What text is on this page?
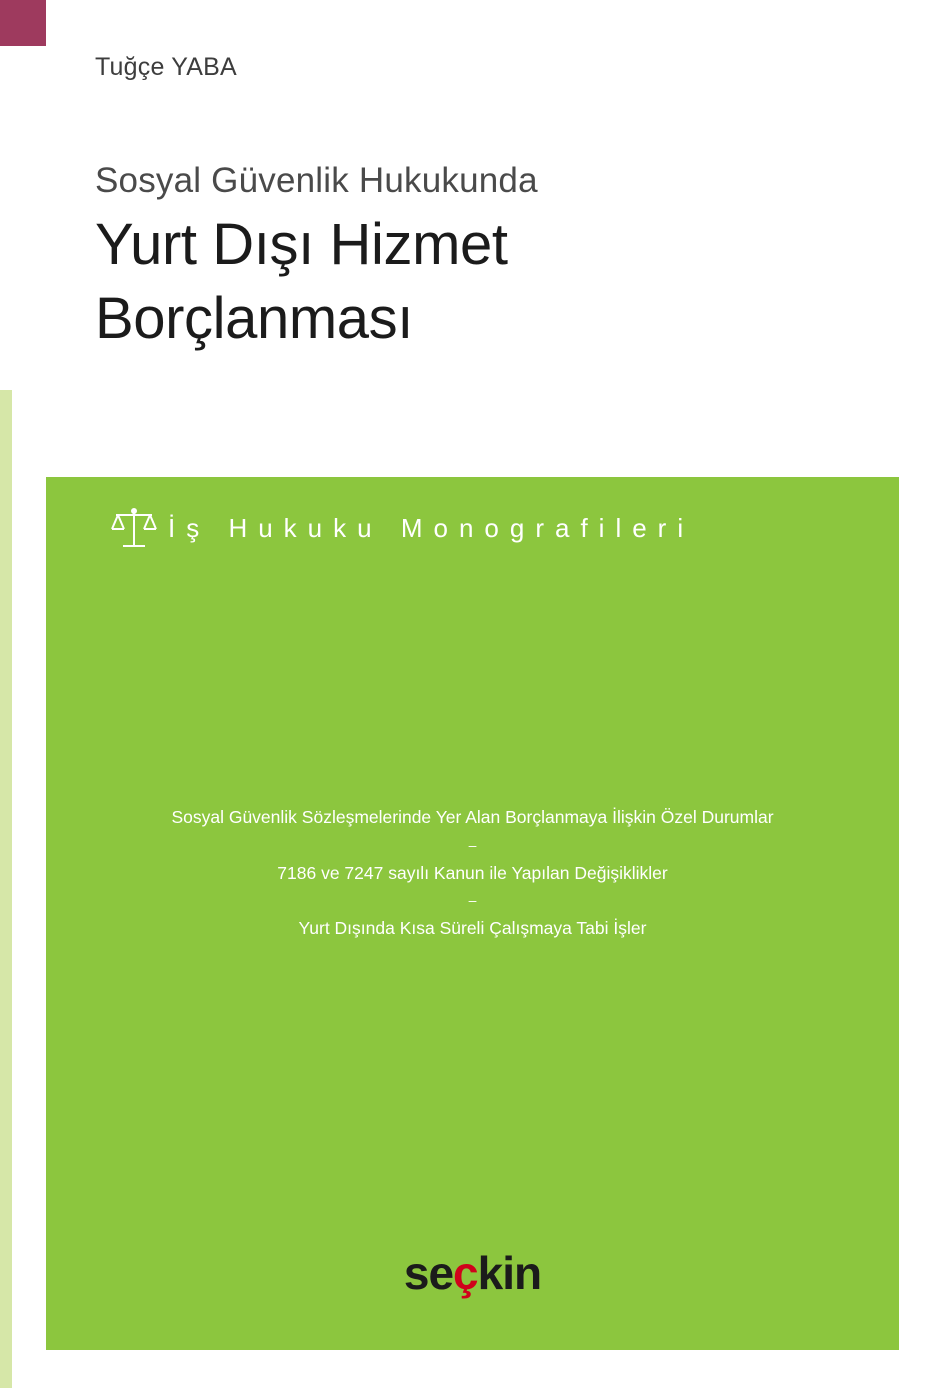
Tuğçe YABA
Sosyal Güvenlik Hukukunda
Yurt Dışı Hizmet
Borçlanması
İş Hukuku Monografileri
Sosyal Güvenlik Sözleşmelerinde Yer Alan Borçlanmaya İlişkin Özel Durumlar
–
7186 ve 7247 sayılı Kanun ile Yapılan Değişiklikler
–
Yurt Dışında Kısa Süreli Çalışmaya Tabi İşler
seçkin
